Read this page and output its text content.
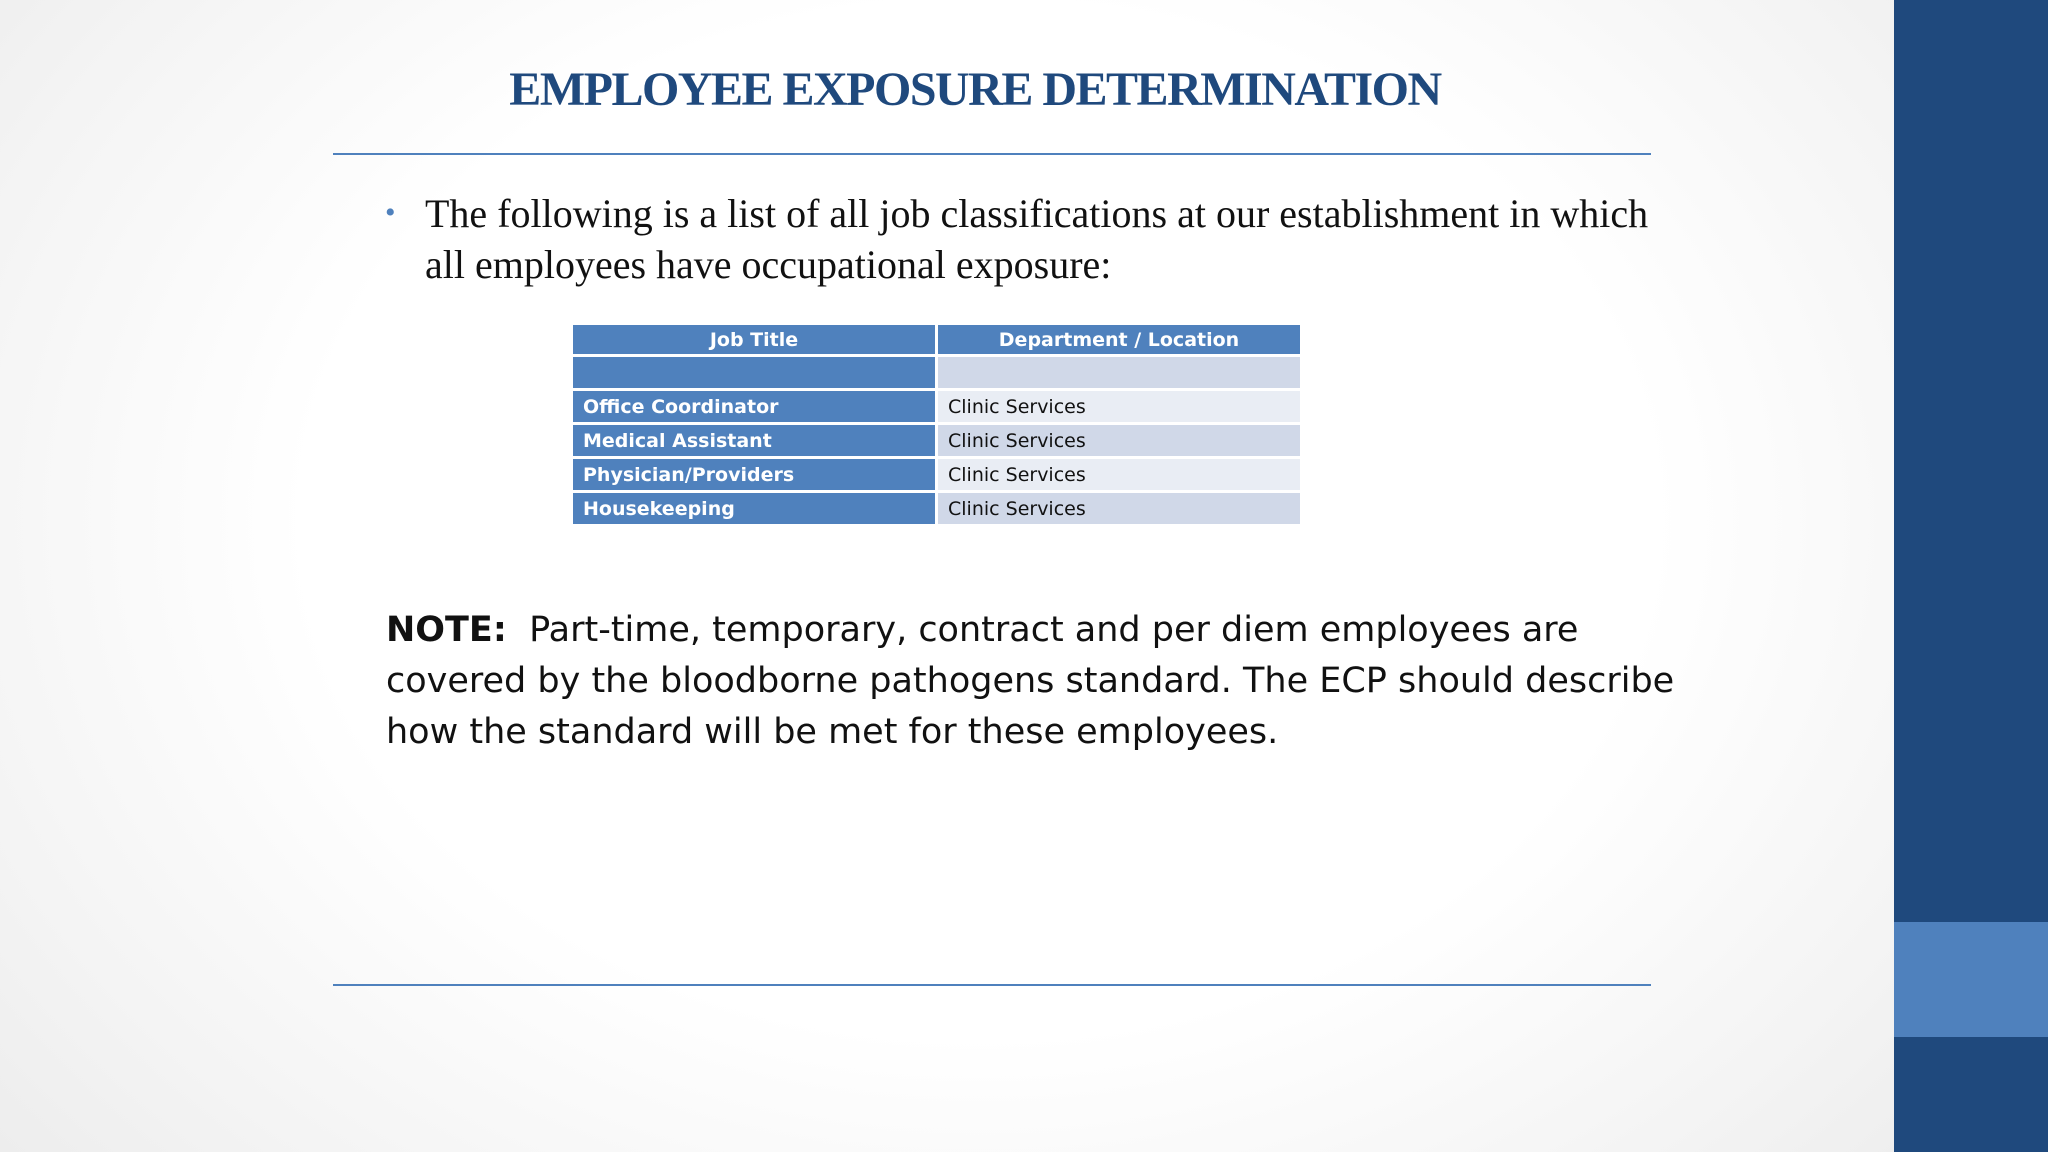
EMPLOYEE EXPOSURE DETERMINATION
• The following is a list of all job classifications at our establishment in which all employees have occupational exposure:
Job Title	Department / Location

Office Coordinator	Clinic Services
Medical Assistant	Clinic Services
Physician/Providers	Clinic Services
Housekeeping	Clinic Services
NOTE: Part-time, temporary, contract and per diem employees are covered by the bloodborne pathogens standard. The ECP should describe how the standard will be met for these employees.
